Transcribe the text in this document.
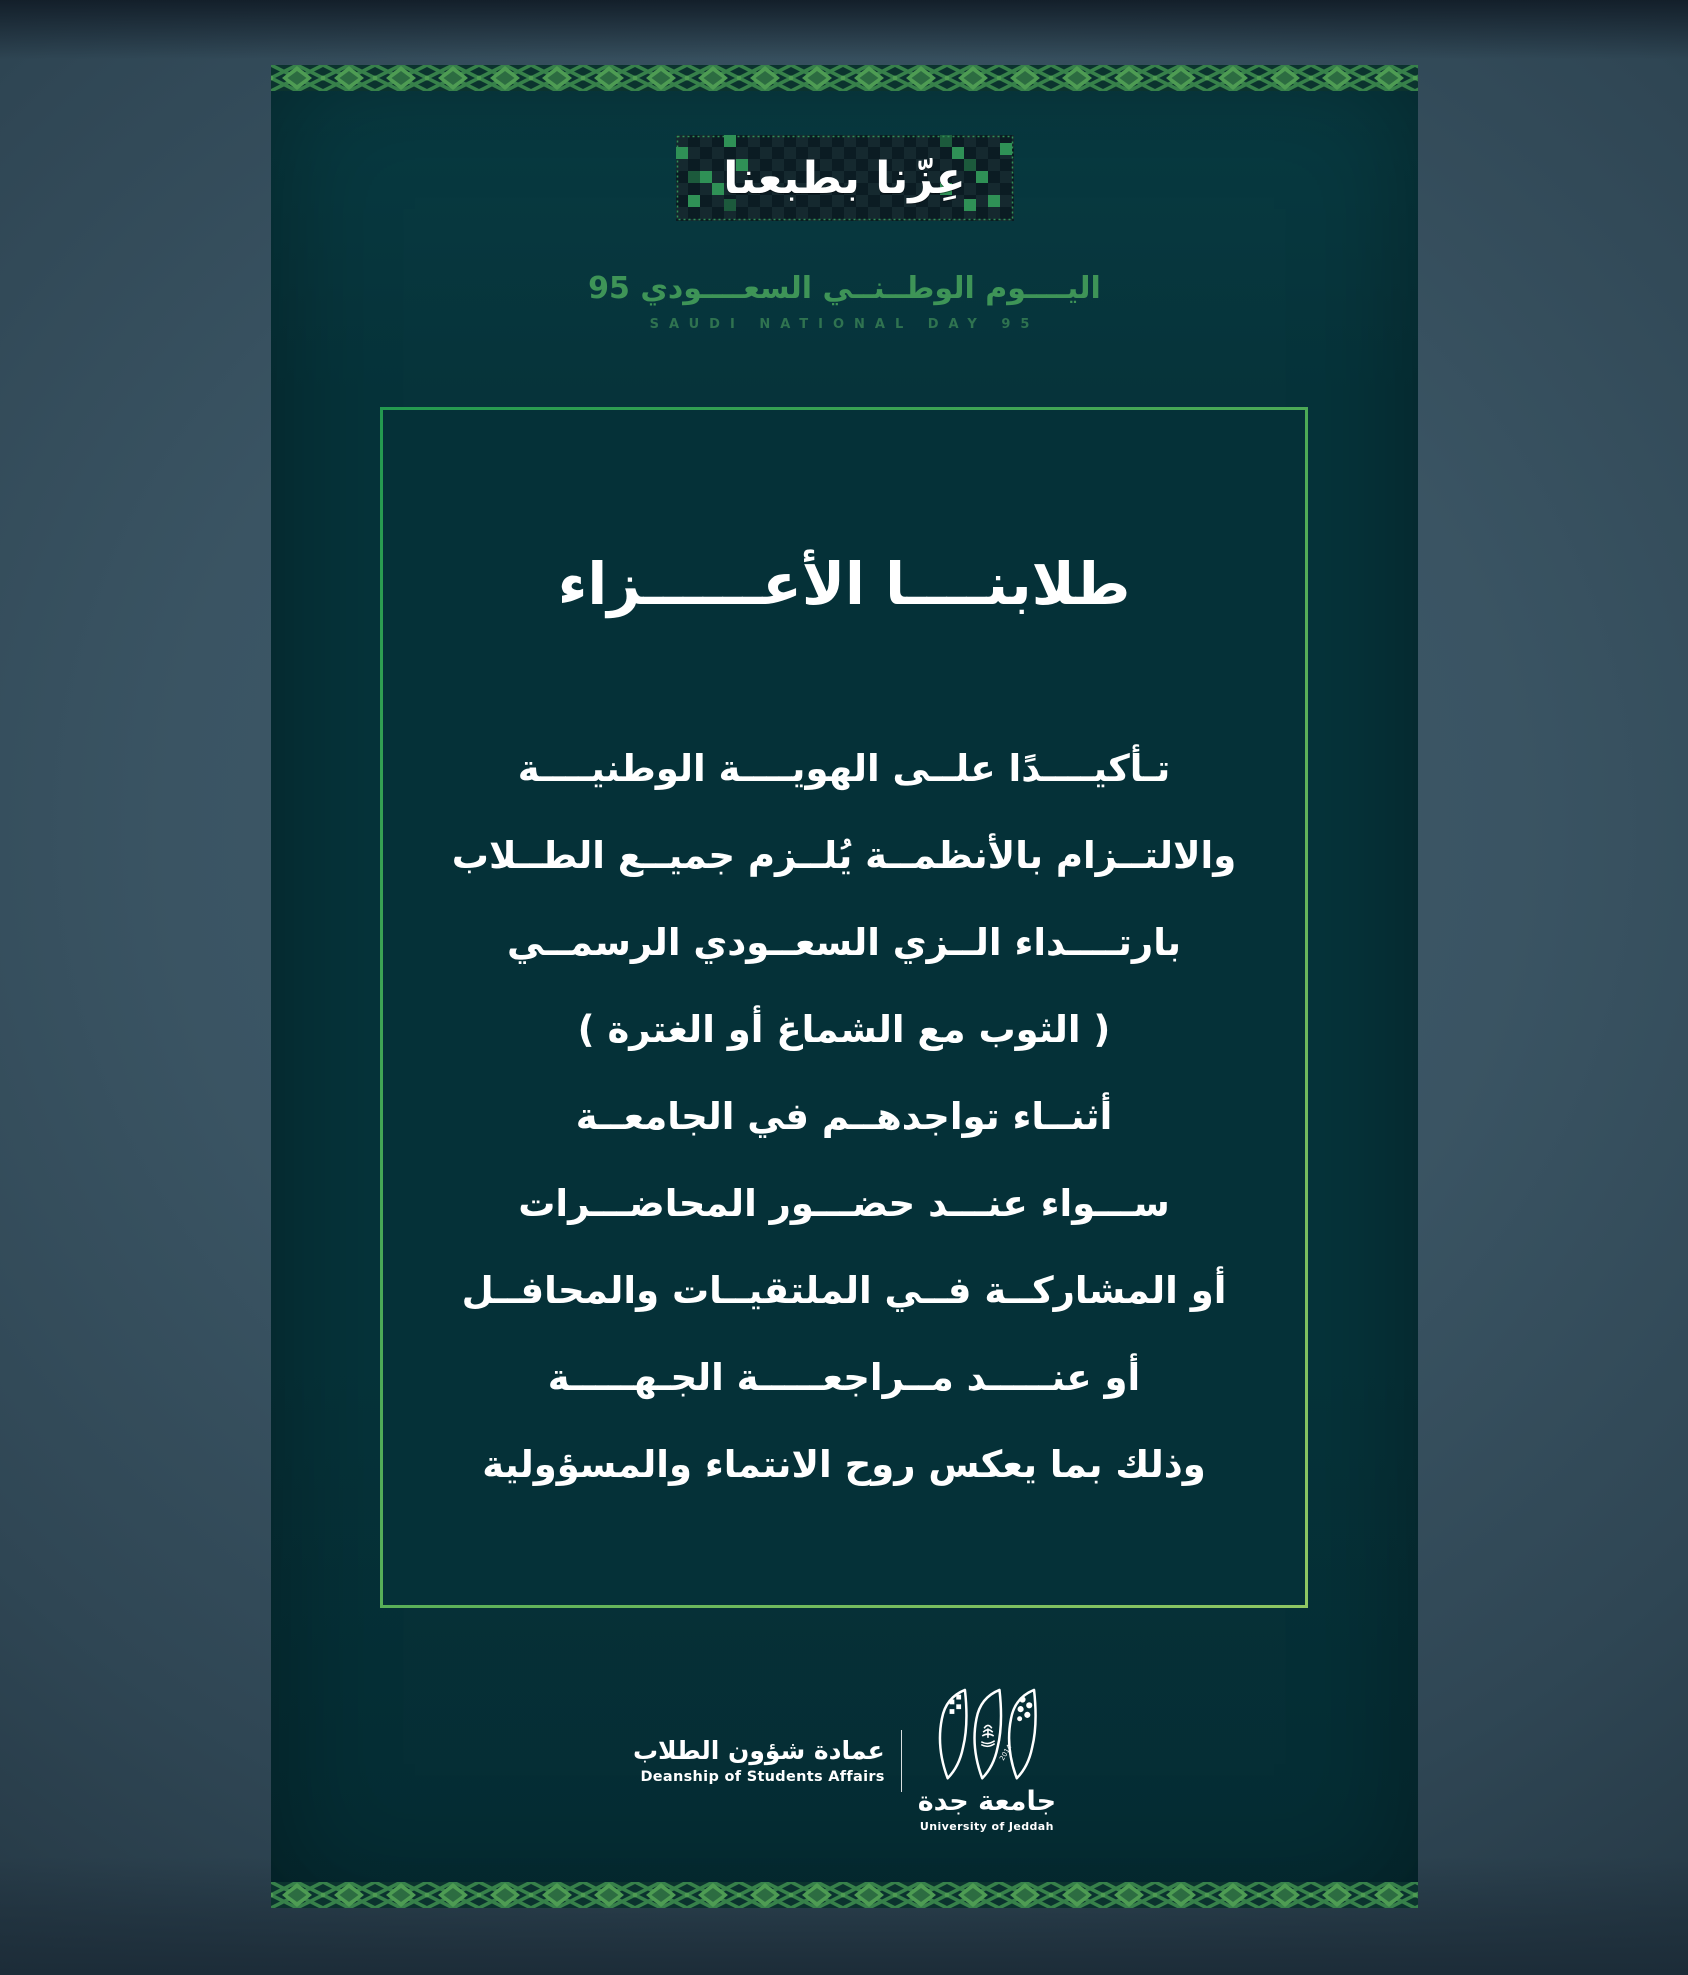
عِزّنا بطبعنا
اليــــوم الوطــنــي السعــــودي 95
SAUDI NATIONAL DAY 95
طلابنــــا الأعــــــزاء
تـأكيــــدًا علــى الهويــــة الوطنيــــة
والالتــزام بالأنظمــة يُلــزم جميــع الطــلاب
بارتــــداء الــزي السعــودي الرسمــي
( الثوب مع الشماغ أو الغترة )
أثنــاء تواجدهــم في الجامعــة
ســـواء عنـــد حضـــور المحاضـــرات
أو المشاركــة فــي الملتقيــات والمحافــل
أو عنـــــد مــراجعـــــة الجـهـــــة
وذلك بما يعكس روح الانتماء والمسؤولية
عمادة شؤون الطلاب
Deanship of Students Affairs
2014
جامعة جدة
University of Jeddah
